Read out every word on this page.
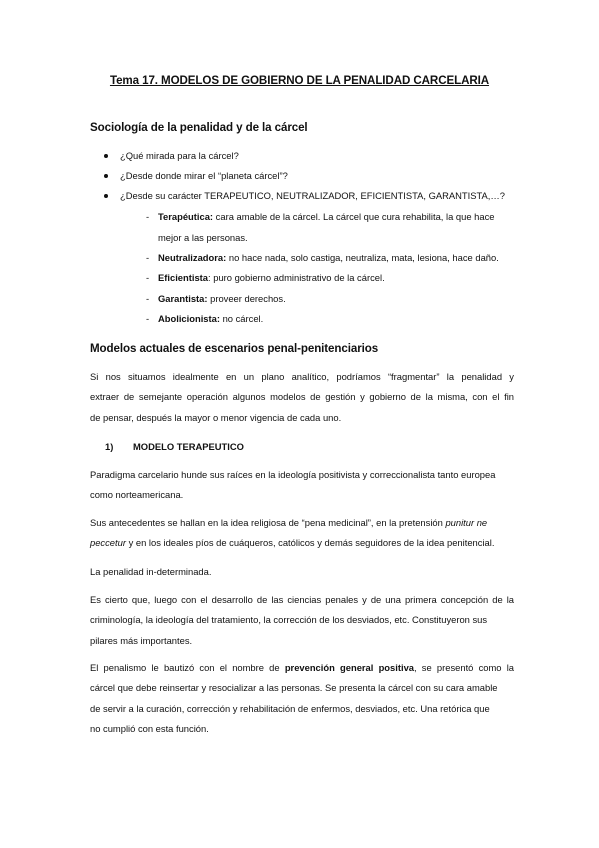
Tema 17. MODELOS DE GOBIERNO DE LA PENALIDAD CARCELARIA
Sociología de la penalidad y de la cárcel
¿Qué mirada para la cárcel?
¿Desde donde mirar el “planeta cárcel”?
¿Desde su carácter TERAPEUTICO, NEUTRALIZADOR, EFICIENTISTA, GARANTISTA,…?
- Terapéutica: cara amable de la cárcel. La cárcel que cura rehabilita, la que hace
mejor a las personas.
- Neutralizadora: no hace nada, solo castiga, neutraliza, mata, lesiona, hace daño.
- Eficientista: puro gobierno administrativo de la cárcel.
- Garantista: proveer derechos.
- Abolicionista: no cárcel.
Modelos actuales de escenarios penal-penitenciarios
Si nos situamos idealmente en un plano analítico, podríamos “fragmentar” la penalidad y
extraer de semejante operación algunos modelos de gestión y gobierno de la misma, con el fin
de pensar, después la mayor o menor vigencia de cada uno.
1) MODELO TERAPEUTICO
Paradigma carcelario hunde sus raíces en la ideología positivista y correccionalista tanto europea
como norteamericana.
Sus antecedentes se hallan en la idea religiosa de “pena medicinal”, en la pretensión punitur ne
peccetur y en los ideales píos de cuáqueros, católicos y demás seguidores de la idea penitencial.
La penalidad in-determinada.
Es cierto que, luego con el desarrollo de las ciencias penales y de una primera concepción de la
criminología, la ideología del tratamiento, la corrección de los desviados, etc. Constituyeron sus
pilares más importantes.
El penalismo le bautizó con el nombre de prevención general positiva, se presentó como la
cárcel que debe reinsertar y resocializar a las personas. Se presenta la cárcel con su cara amable
de servir a la curación, corrección y rehabilitación de enfermos, desviados, etc. Una retórica que
no cumplió con esta función.
